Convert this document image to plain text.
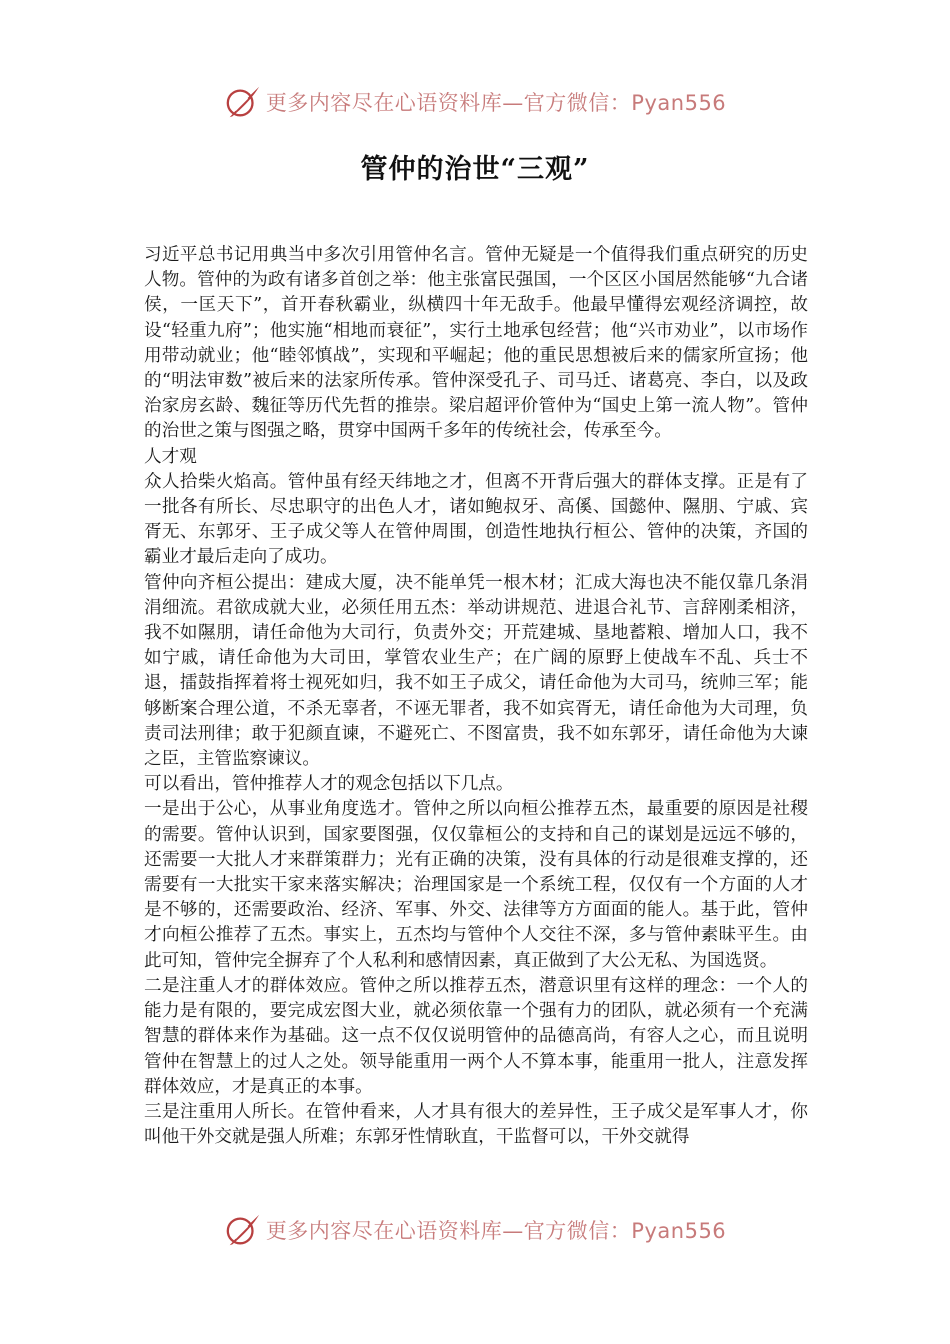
更多内容尽在心语资料库—官方微信：Pyan556
管仲的治世“三观”

习近平总书记用典当中多次引用管仲名言。管仲无疑是一个值得我们重点研究的历史人物。管仲的为政有诸多首创之举：他主张富民强国，一个区区小国居然能够“九合诸侯，一匡天下”，首开春秋霸业，纵横四十年无敌手。他最早懂得宏观经济调控，故设“轻重九府”；他实施“相地而衰征”，实行土地承包经营；他“兴市劝业”，以市场作用带动就业；他“睦邻慎战”，实现和平崛起；他的重民思想被后来的儒家所宣扬；他的“明法审数”被后来的法家所传承。管仲深受孔子、司马迁、诸葛亮、李白，以及政治家房玄龄、魏征等历代先哲的推崇。梁启超评价管仲为“国史上第一流人物”。管仲的治世之策与图强之略，贯穿中国两千多年的传统社会，传承至今。

人才观

众人拾柴火焰高。管仲虽有经天纬地之才，但离不开背后强大的群体支撑。正是有了一批各有所长、尽忠职守的出色人才，诸如鲍叔牙、高傒、国懿仲、隰朋、宁戚、宾胥无、东郭牙、王子成父等人在管仲周围，创造性地执行桓公、管仲的决策，齐国的霸业才最后走向了成功。

管仲向齐桓公提出：建成大厦，决不能单凭一根木材；汇成大海也决不能仅靠几条涓涓细流。君欲成就大业，必须任用五杰：举动讲规范、进退合礼节、言辞刚柔相济，我不如隰朋，请任命他为大司行，负责外交；开荒建城、垦地蓄粮、增加人口，我不如宁戚，请任命他为大司田，掌管农业生产；在广阔的原野上使战车不乱、兵士不退，擂鼓指挥着将士视死如归，我不如王子成父，请任命他为大司马，统帅三军；能够断案合理公道，不杀无辜者，不诬无罪者，我不如宾胥无，请任命他为大司理，负责司法刑律；敢于犯颜直谏，不避死亡、不图富贵，我不如东郭牙，请任命他为大谏之臣，主管监察谏议。

可以看出，管仲推荐人才的观念包括以下几点。

一是出于公心，从事业角度选才。管仲之所以向桓公推荐五杰，最重要的原因是社稷的需要。管仲认识到，国家要图强，仅仅靠桓公的支持和自己的谋划是远远不够的，还需要一大批人才来群策群力；光有正确的决策，没有具体的行动是很难支撑的，还需要有一大批实干家来落实解决；治理国家是一个系统工程，仅仅有一个方面的人才是不够的，还需要政治、经济、军事、外交、法律等方方面面的能人。基于此，管仲才向桓公推荐了五杰。事实上，五杰均与管仲个人交往不深，多与管仲素昧平生。由此可知，管仲完全摒弃了个人私利和感情因素，真正做到了大公无私、为国选贤。

二是注重人才的群体效应。管仲之所以推荐五杰，潜意识里有这样的理念：一个人的能力是有限的，要完成宏图大业，就必须依靠一个强有力的团队，就必须有一个充满智慧的群体来作为基础。这一点不仅仅说明管仲的品德高尚，有容人之心，而且说明管仲在智慧上的过人之处。领导能重用一两个人不算本事，能重用一批人，注意发挥群体效应，才是真正的本事。

三是注重用人所长。在管仲看来，人才具有很大的差异性，王子成父是军事人才，你叫他干外交就是强人所难；东郭牙性情耿直，干监督可以，干外交就得

更多内容尽在心语资料库—官方微信：Pyan556
